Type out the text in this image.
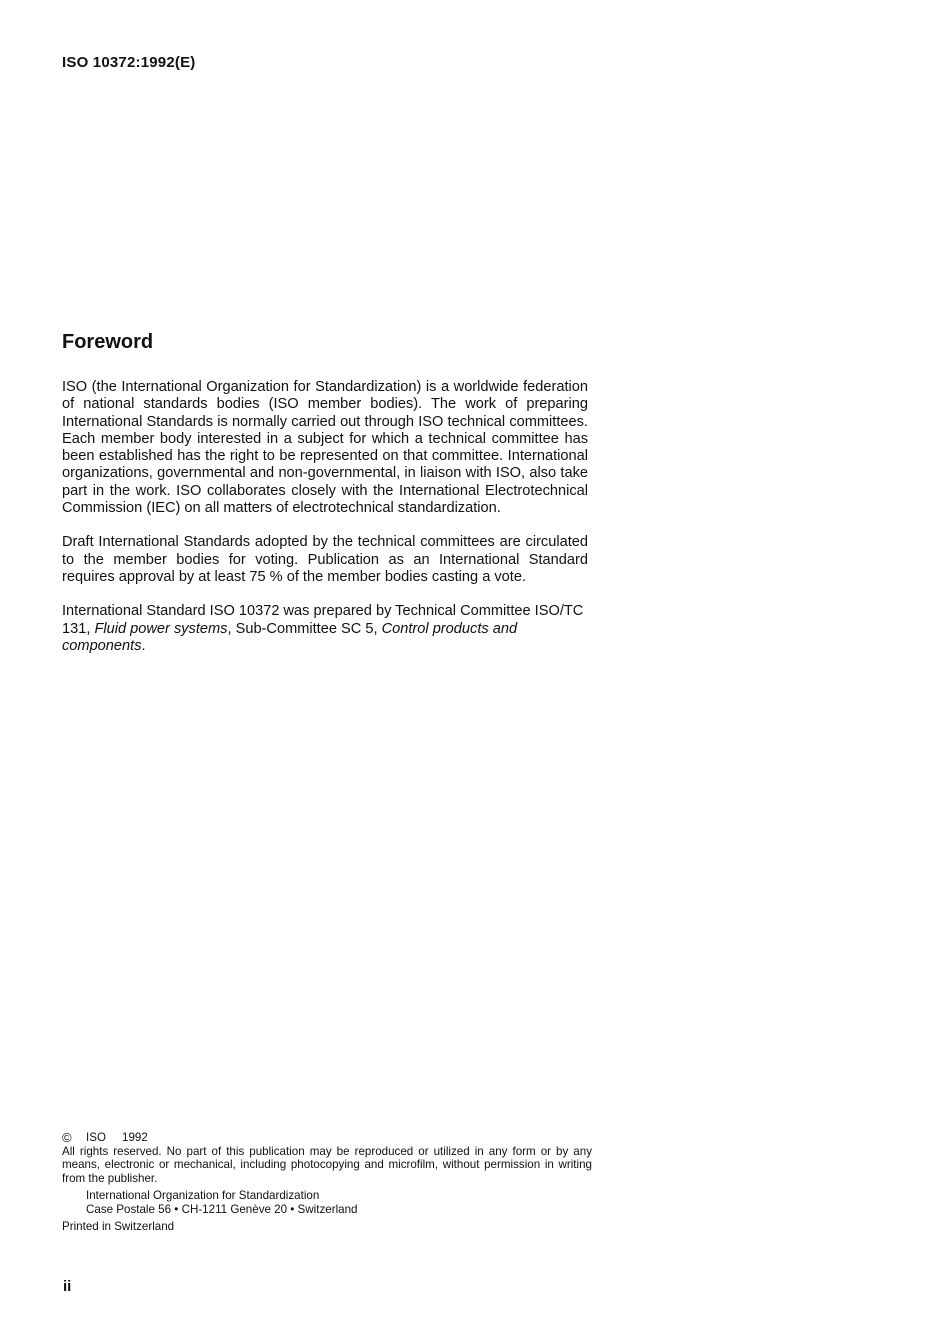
ISO 10372:1992(E)
Foreword

ISO (the International Organization for Standardization) is a worldwide federation of national standards bodies (ISO member bodies). The work of preparing International Standards is normally carried out through ISO technical committees. Each member body interested in a subject for which a technical committee has been established has the right to be represented on that committee. International organizations, governmental and non-governmental, in liaison with ISO, also take part in the work. ISO collaborates closely with the International Electrotechnical Commission (IEC) on all matters of electrotechnical standardization.

Draft International Standards adopted by the technical committees are circulated to the member bodies for voting. Publication as an International Standard requires approval by at least 75 % of the member bodies casting a vote.

International Standard ISO 10372 was prepared by Technical Committee ISO/TC 131, Fluid power systems, Sub-Committee SC 5, Control products and components.

©	ISO	1992

All rights reserved. No part of this publication may be reproduced or utilized in any form or by any means, electronic or mechanical, including photocopying and microfilm, without permission in writing from the publisher.

International Organization for Standardization
Case Postale 56 • CH-1211 Genève 20 • Switzerland
Printed in Switzerland
ii
